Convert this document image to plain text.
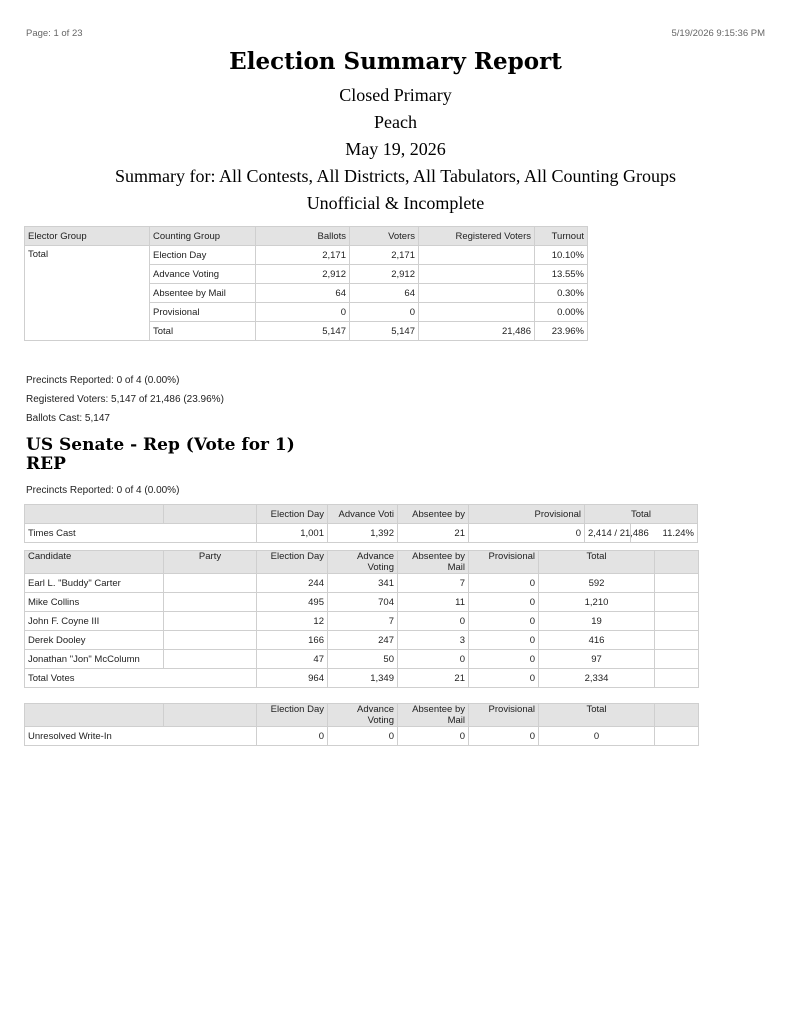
Page: 1 of 23	5/19/2026 9:15:36 PM
Election Summary Report
Closed Primary
Peach
May 19, 2026
Summary for: All Contests, All Districts, All Tabulators, All Counting Groups
Unofficial & Incomplete
Elector Group	Counting Group	Ballots	Voters	Registered Voters	Turnout
Total	Election Day	2,171	2,171		10.10%
	Advance Voting	2,912	2,912		13.55%
	Absentee by Mail	64	64		0.30%
	Provisional	0	0		0.00%
	Total	5,147	5,147	21,486	23.96%
Precincts Reported: 0 of 4 (0.00%)
Registered Voters: 5,147 of 21,486 (23.96%)
Ballots Cast: 5,147
US Senate - Rep (Vote for 1)
REP
Precincts Reported: 0 of 4 (0.00%)
		Election Day	Advance Voti	Absentee by	Provisional	Total	
Times Cast		1,001	1,392	21	0	2,414 / 21,486	11.24%
Candidate	Party	Election Day	Advance Voting	Absentee by Mail	Provisional	Total	
Earl L. "Buddy" Carter		244	341	7	0	592	
Mike Collins		495	704	11	0	1,210	
John F. Coyne III		12	7	0	0	19	
Derek Dooley		166	247	3	0	416	
Jonathan "Jon" McColumn		47	50	0	0	97	
Total Votes		964	1,349	21	0	2,334	
		Election Day	Advance Voting	Absentee by Mail	Provisional	Total	
Unresolved Write-In		0	0	0	0	0	
